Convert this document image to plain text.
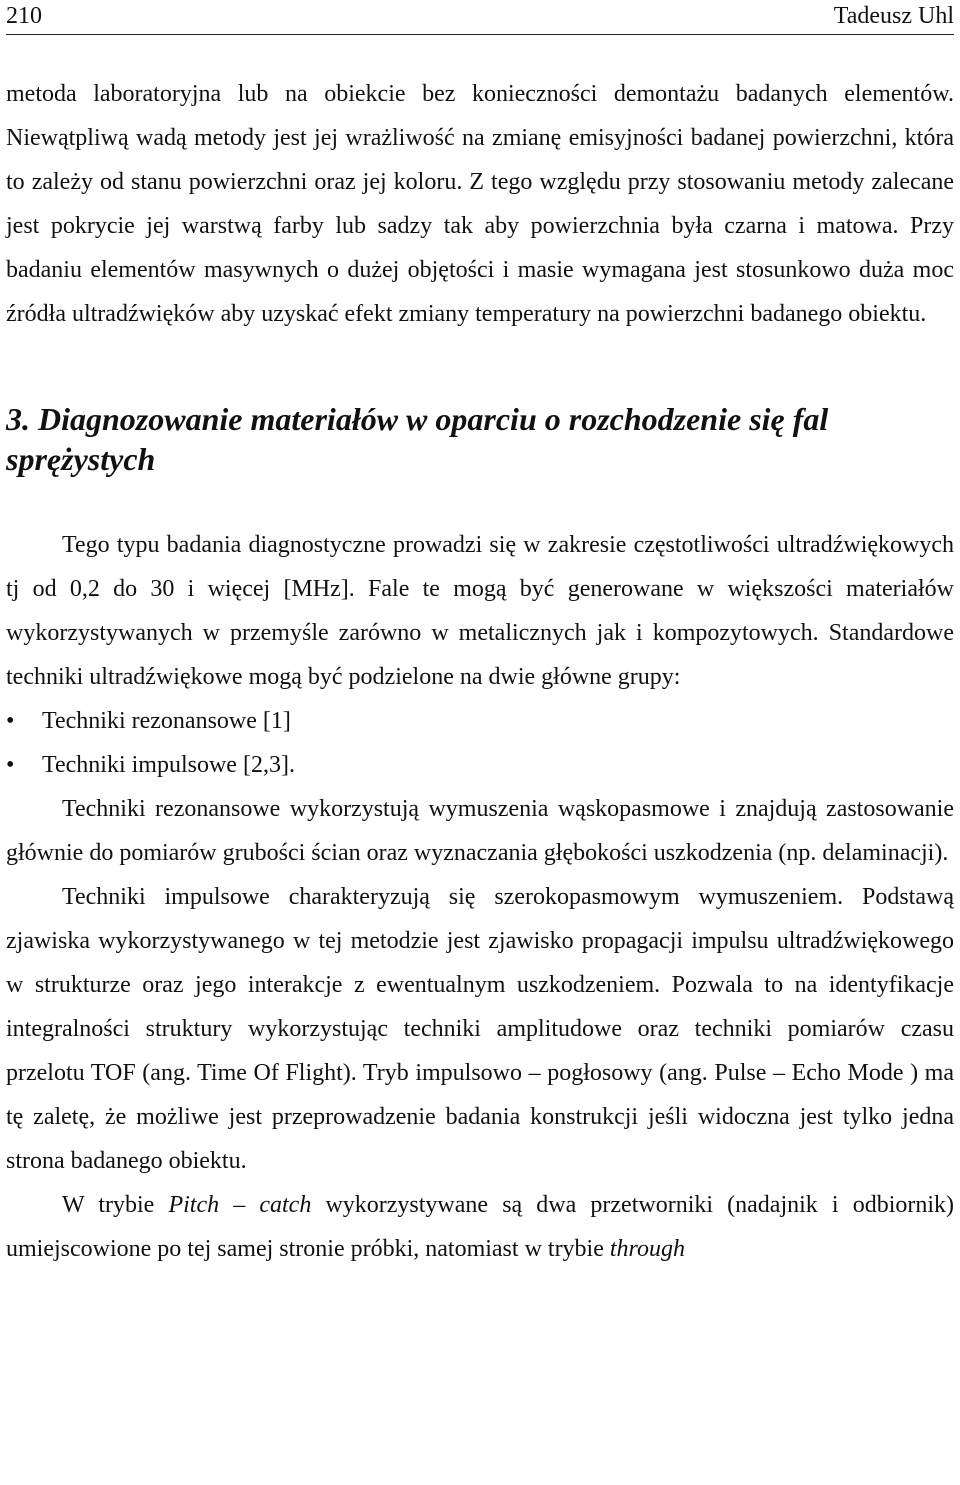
210	Tadeusz Uhl

metoda laboratoryjna lub na obiekcie bez konieczności demontażu badanych elementów. Niewątpliwą wadą metody jest jej wrażliwość na zmianę emisyjności badanej powierzchni, która to zależy od stanu powierzchni oraz jej koloru. Z tego względu przy stosowaniu metody zalecane jest pokrycie jej warstwą farby lub sadzy tak aby powierzchnia była czarna i matowa. Przy badaniu elementów masywnych o dużej objętości i masie wymagana jest stosunkowo duża moc źródła ultradźwięków aby uzyskać efekt zmiany temperatury na powierzchni badanego obiektu.

3. Diagnozowanie materiałów w oparciu o rozchodzenie się fal sprężystych

Tego typu badania diagnostyczne prowadzi się w zakresie częstotliwości ultradźwiękowych tj od 0,2 do 30 i więcej [MHz]. Fale te mogą być generowane w większości materiałów wykorzystywanych w przemyśle zarówno w metalicznych jak i kompozytowych. Standardowe techniki ultradźwiękowe mogą być podzielone na dwie główne grupy:

• Techniki rezonansowe [1]
• Techniki impulsowe [2,3].

Techniki rezonansowe wykorzystują wymuszenia wąskopasmowe i znajdują zastosowanie głównie do pomiarów grubości ścian oraz wyznaczania głębokości uszkodzenia (np. delaminacji).

Techniki impulsowe charakteryzują się szerokopasmowym wymuszeniem. Podstawą zjawiska wykorzystywanego w tej metodzie jest zjawisko propagacji impulsu ultradźwiękowego w strukturze oraz jego interakcje z ewentualnym uszkodzeniem. Pozwala to na identyfikacje integralności struktury wykorzystując techniki amplitudowe oraz techniki pomiarów czasu przelotu TOF (ang. Time Of Flight). Tryb impulsowo – pogłosowy (ang. Pulse – Echo Mode ) ma tę zaletę, że możliwe jest przeprowadzenie badania konstrukcji jeśli widoczna jest tylko jedna strona badanego obiektu.

W trybie Pitch – catch wykorzystywane są dwa przetworniki (nadajnik i odbiornik) umiejscowione po tej samej stronie próbki, natomiast w trybie through
